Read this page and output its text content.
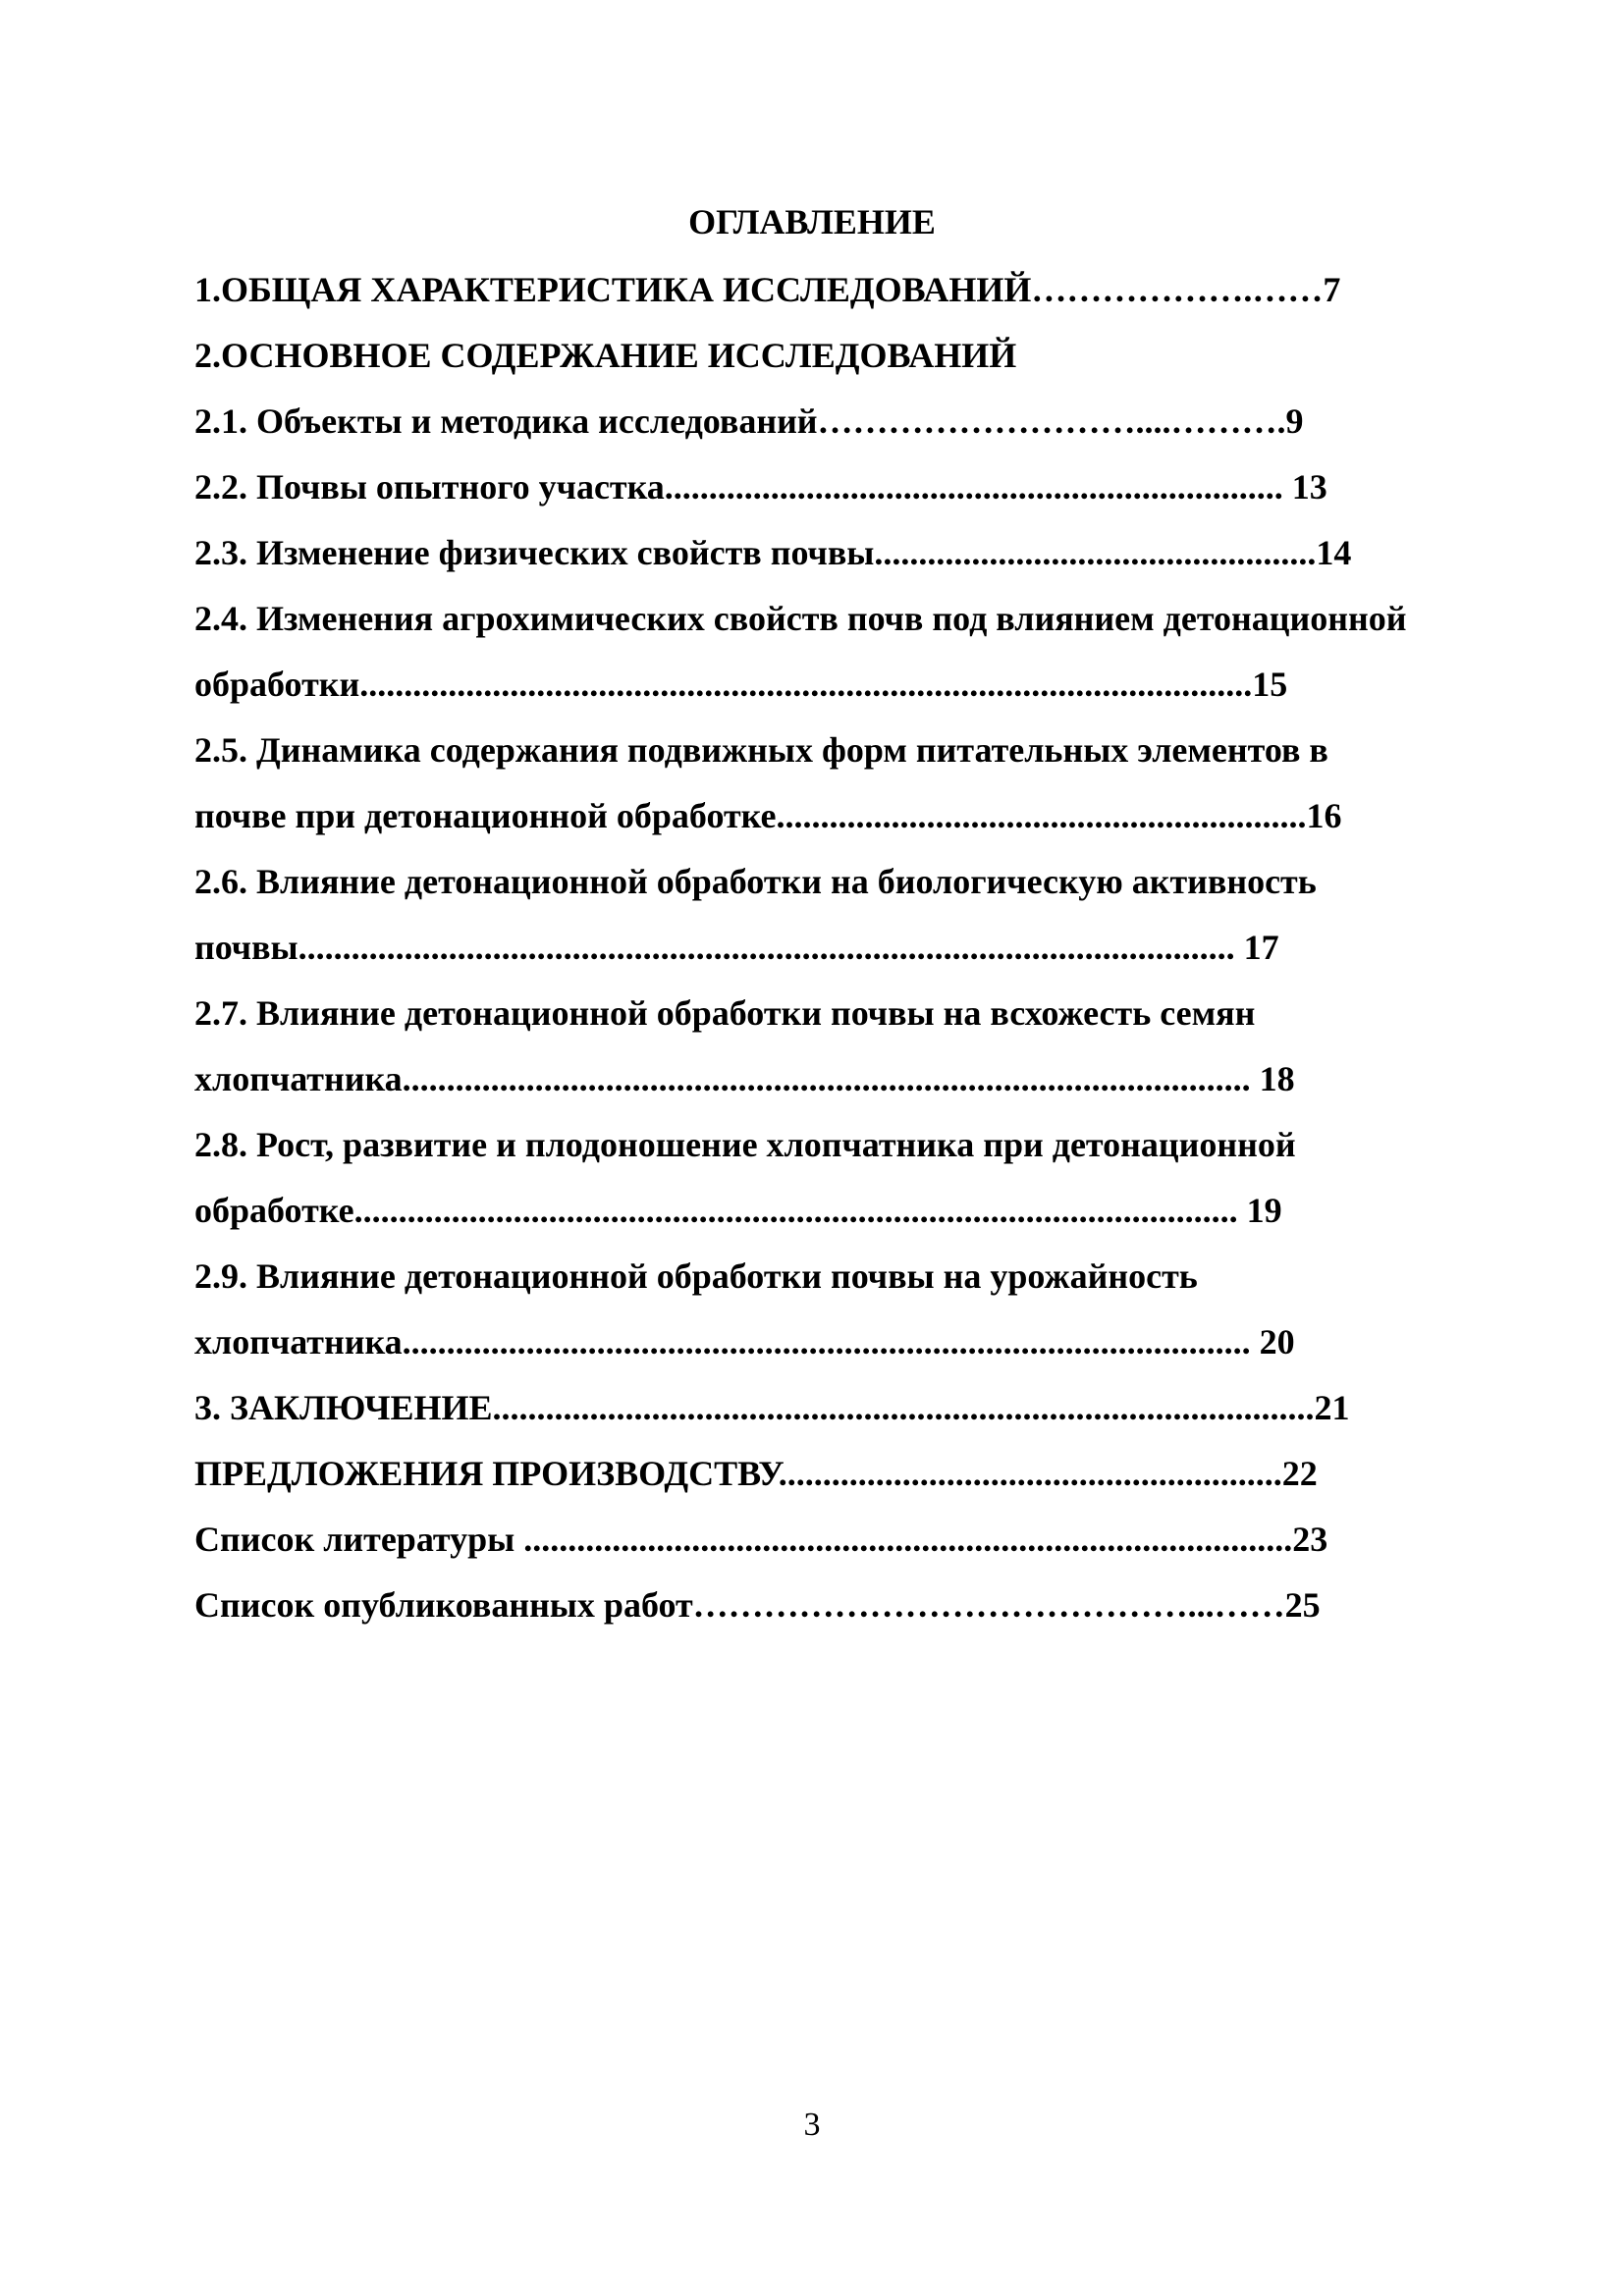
ОГЛАВЛЕНИЕ
1.ОБЩАЯ ХАРАКТЕРИСТИКА ИССЛЕДОВАНИЙ……………….……7
2.ОСНОВНОЕ СОДЕРЖАНИЕ ИССЛЕДОВАНИЙ
2.1. Объекты и методика исследований………………………....……….9
2.2. Почвы опытного участка...................................................................... 13
2.3. Изменение физических свойств почвы..................................................14
2.4. Изменения агрохимических свойств почв под влиянием детонационной
обработки.....................................................................................................15
2.5. Динамика содержания подвижных форм питательных элементов в
почве при детонационной обработке............................................................16
2.6. Влияние детонационной обработки на биологическую активность
почвы.......................................................................................................... 17
2.7. Влияние детонационной обработки почвы на всхожесть семян
хлопчатника................................................................................................ 18
2.8. Рост, развитие и плодоношение хлопчатника при детонационной
обработке.................................................................................................... 19
2.9. Влияние детонационной обработки почвы на урожайность
хлопчатника................................................................................................ 20
3. ЗАКЛЮЧЕНИЕ.............................................................................................21
ПРЕДЛОЖЕНИЯ ПРОИЗВОДСТВУ.........................................................22
Список литературы .......................................................................................23
Список опубликованных работ……………………………………...……25
3
